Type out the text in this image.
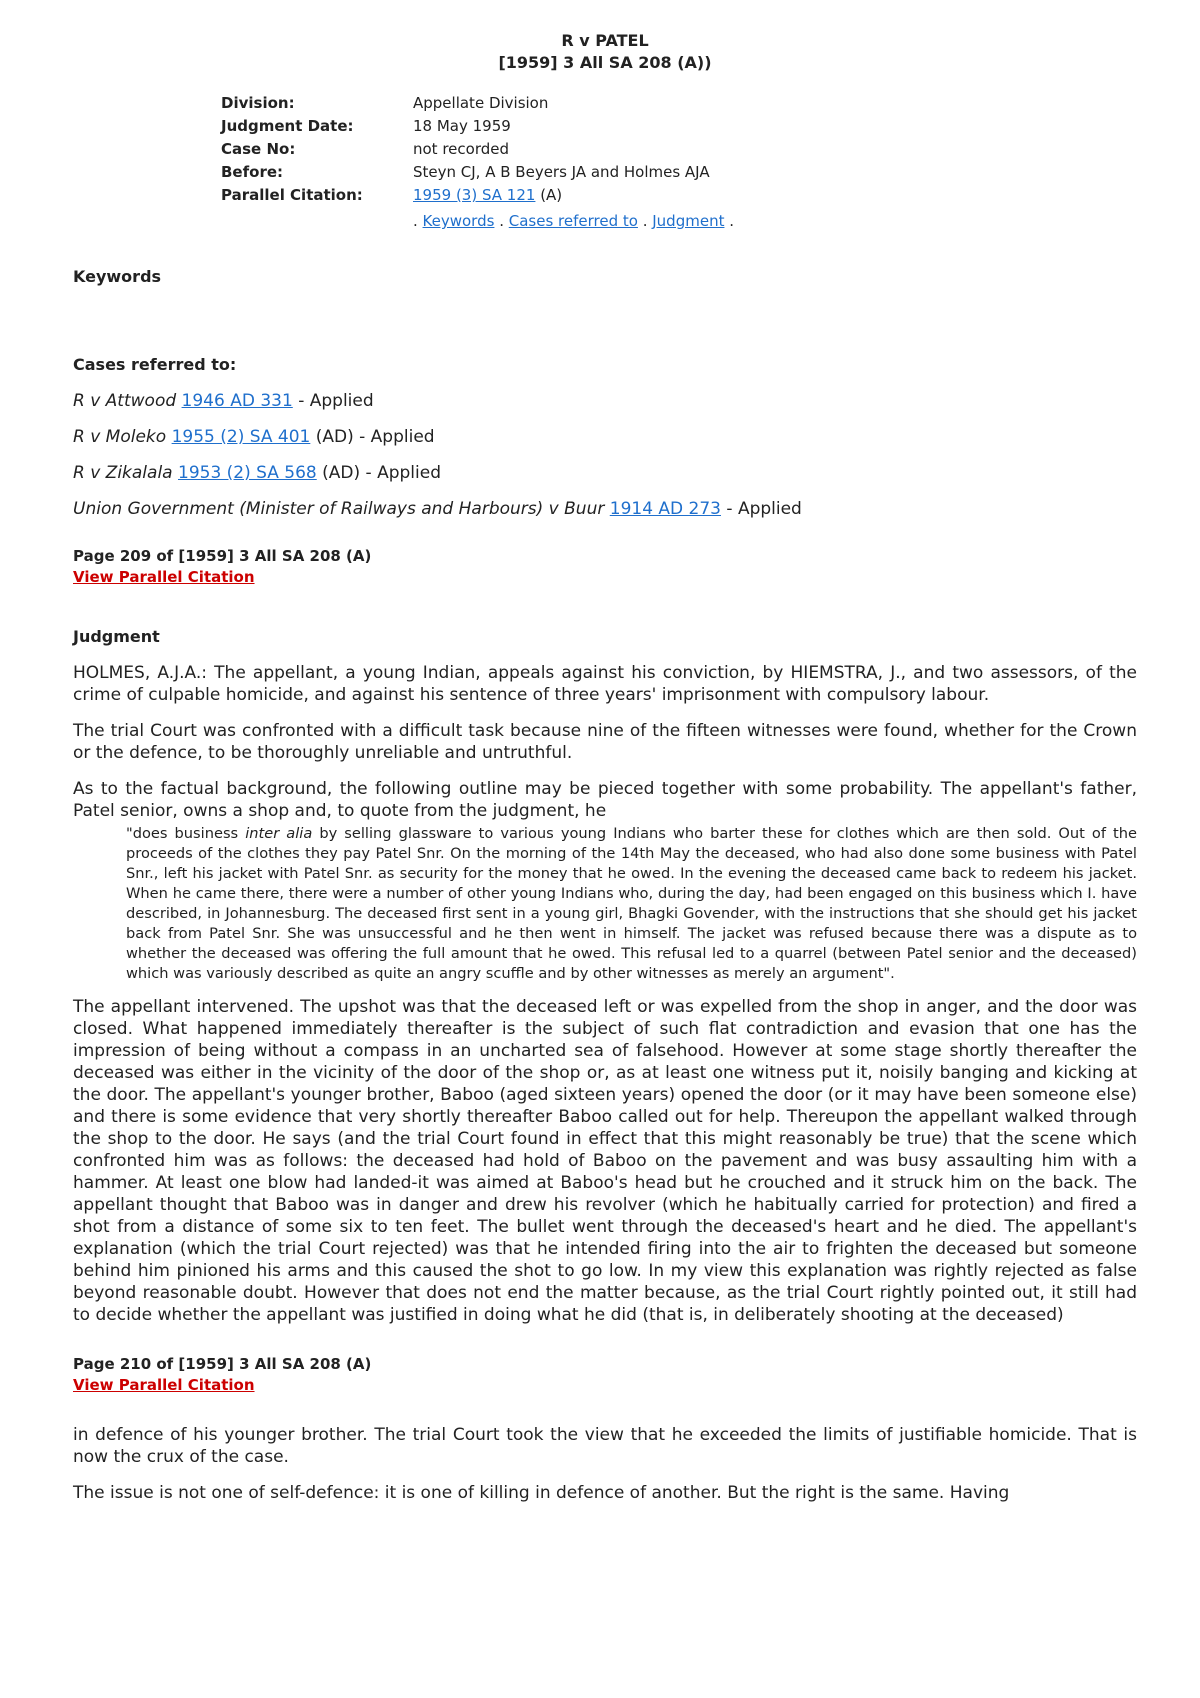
R v PATEL
[1959] 3 All SA 208 (A))
Division:	Appellate Division
Judgment Date:	18 May 1959
Case No:	not recorded
Before:	Steyn CJ, A B Beyers JA and Holmes AJA
Parallel Citation:	1959 (3) SA 121 (A)
. Keywords . Cases referred to . Judgment .
Keywords
Cases referred to:

R v Attwood 1946 AD 331 - Applied

R v Moleko 1955 (2) SA 401 (AD) - Applied

R v Zikalala 1953 (2) SA 568 (AD) - Applied

Union Government (Minister of Railways and Harbours) v Buur 1914 AD 273 - Applied

Page 209 of [1959] 3 All SA 208 (A)
View Parallel Citation
Judgment

HOLMES, A.J.A.: The appellant, a young Indian, appeals against his conviction, by HIEMSTRA, J., and two assessors, of the crime of culpable homicide, and against his sentence of three years' imprisonment with compulsory labour.

The trial Court was confronted with a difficult task because nine of the fifteen witnesses were found, whether for the Crown or the defence, to be thoroughly unreliable and untruthful.

As to the factual background, the following outline may be pieced together with some probability. The appellant's father, Patel senior, owns a shop and, to quote from the judgment, he

"does business inter alia by selling glassware to various young Indians who barter these for clothes which are then sold. Out of the proceeds of the clothes they pay Patel Snr. On the morning of the 14th May the deceased, who had also done some business with Patel Snr., left his jacket with Patel Snr. as security for the money that he owed. In the evening the deceased came back to redeem his jacket. When he came there, there were a number of other young Indians who, during the day, had been engaged on this business which I. have described, in Johannesburg. The deceased first sent in a young girl, Bhagki Govender, with the instructions that she should get his jacket back from Patel Snr. She was unsuccessful and he then went in himself. The jacket was refused because there was a dispute as to whether the deceased was offering the full amount that he owed. This refusal led to a quarrel (between Patel senior and the deceased) which was variously described as quite an angry scuffle and by other witnesses as merely an argument".

The appellant intervened. The upshot was that the deceased left or was expelled from the shop in anger, and the door was closed. What happened immediately thereafter is the subject of such flat contradiction and evasion that one has the impression of being without a compass in an uncharted sea of falsehood. However at some stage shortly thereafter the deceased was either in the vicinity of the door of the shop or, as at least one witness put it, noisily banging and kicking at the door. The appellant's younger brother, Baboo (aged sixteen years) opened the door (or it may have been someone else) and there is some evidence that very shortly thereafter Baboo called out for help. Thereupon the appellant walked through the shop to the door. He says (and the trial Court found in effect that this might reasonably be true) that the scene which confronted him was as follows: the deceased had hold of Baboo on the pavement and was busy assaulting him with a hammer. At least one blow had landed-it was aimed at Baboo's head but he crouched and it struck him on the back. The appellant thought that Baboo was in danger and drew his revolver (which he habitually carried for protection) and fired a shot from a distance of some six to ten feet. The bullet went through the deceased's heart and he died. The appellant's explanation (which the trial Court rejected) was that he intended firing into the air to frighten the deceased but someone behind him pinioned his arms and this caused the shot to go low. In my view this explanation was rightly rejected as false beyond reasonable doubt. However that does not end the matter because, as the trial Court rightly pointed out, it still had to decide whether the appellant was justified in doing what he did (that is, in deliberately shooting at the deceased)

Page 210 of [1959] 3 All SA 208 (A)
View Parallel Citation

in defence of his younger brother. The trial Court took the view that he exceeded the limits of justifiable homicide. That is now the crux of the case.

The issue is not one of self-defence: it is one of killing in defence of another. But the right is the same. Having
